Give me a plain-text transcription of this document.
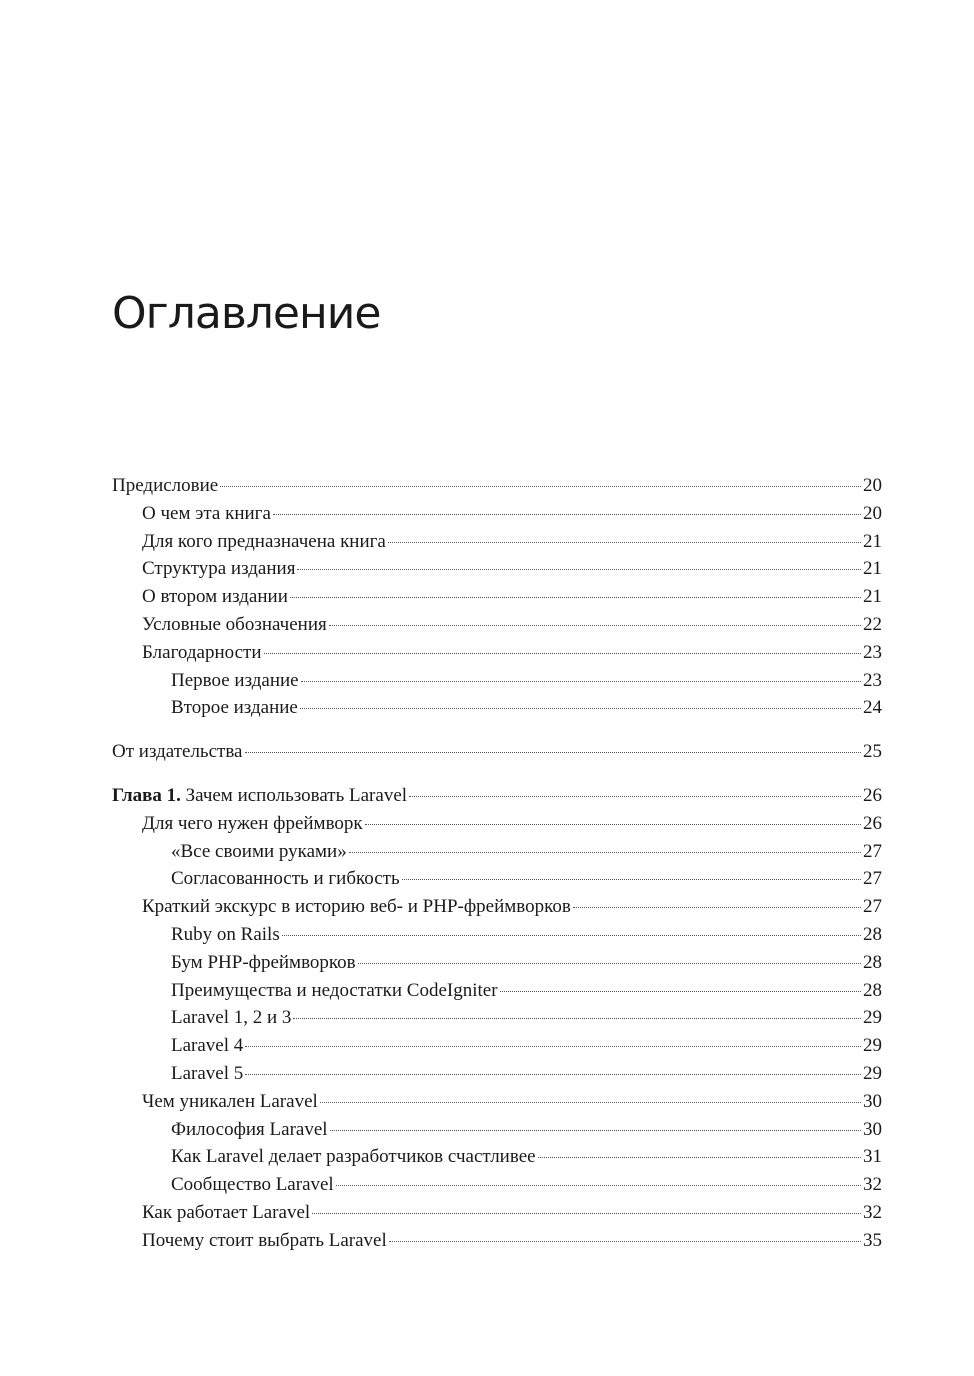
Оглавление
Предисловие	20
О чем эта книга	20
Для кого предназначена книга	21
Структура издания	21
О втором издании	21
Условные обозначения	22
Благодарности	23
Первое издание	23
Второе издание	24
От издательства	25
Глава 1. Зачем использовать Laravel	26
Для чего нужен фреймворк	26
«Все своими руками»	27
Согласованность и гибкость	27
Краткий экскурс в историю веб- и PHP-фреймворков	27
Ruby on Rails	28
Бум PHP-фреймворков	28
Преимущества и недостатки CodeIgniter	28
Laravel 1, 2 и 3	29
Laravel 4	29
Laravel 5	29
Чем уникален Laravel	30
Философия Laravel	30
Как Laravel делает разработчиков счастливее	31
Сообщество Laravel	32
Как работает Laravel	32
Почему стоит выбрать Laravel	35
